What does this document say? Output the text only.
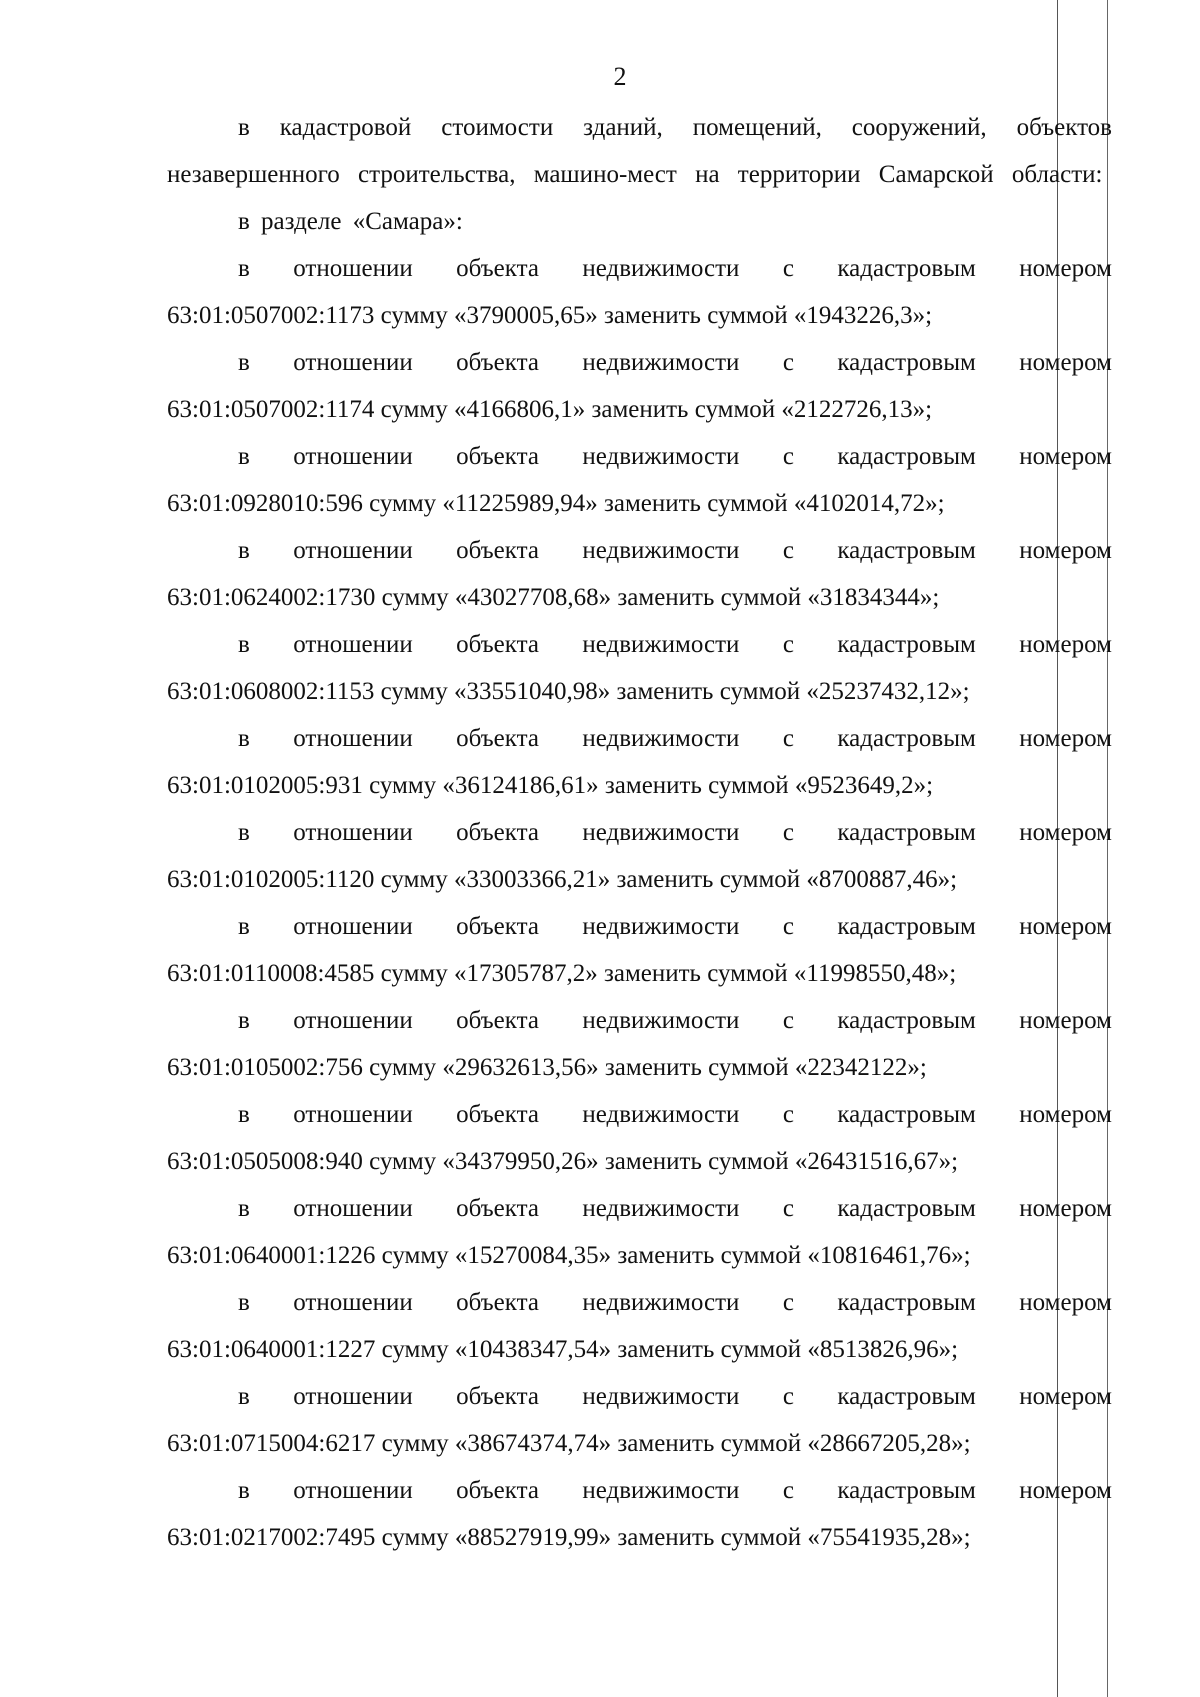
2

в кадастровой стоимости зданий, помещений, сооружений, объектов незавершенного строительства, машино-мест на территории Самарской области:

в разделе «Самара»:

в отношении объекта недвижимости с кадастровым номером
63:01:0507002:1173 сумму «3790005,65» заменить суммой «1943226,3»;
в отношении объекта недвижимости с кадастровым номером
63:01:0507002:1174 сумму «4166806,1» заменить суммой «2122726,13»;
в отношении объекта недвижимости с кадастровым номером
63:01:0928010:596 сумму «11225989,94» заменить суммой «4102014,72»;
в отношении объекта недвижимости с кадастровым номером
63:01:0624002:1730 сумму «43027708,68» заменить суммой «31834344»;
в отношении объекта недвижимости с кадастровым номером
63:01:0608002:1153 сумму «33551040,98» заменить суммой «25237432,12»;
в отношении объекта недвижимости с кадастровым номером
63:01:0102005:931 сумму «36124186,61» заменить суммой «9523649,2»;
в отношении объекта недвижимости с кадастровым номером
63:01:0102005:1120 сумму «33003366,21» заменить суммой «8700887,46»;
в отношении объекта недвижимости с кадастровым номером
63:01:0110008:4585 сумму «17305787,2» заменить суммой «11998550,48»;
в отношении объекта недвижимости с кадастровым номером
63:01:0105002:756 сумму «29632613,56» заменить суммой «22342122»;
в отношении объекта недвижимости с кадастровым номером
63:01:0505008:940 сумму «34379950,26» заменить суммой «26431516,67»;
в отношении объекта недвижимости с кадастровым номером
63:01:0640001:1226 сумму «15270084,35» заменить суммой «10816461,76»;
в отношении объекта недвижимости с кадастровым номером
63:01:0640001:1227 сумму «10438347,54» заменить суммой «8513826,96»;
в отношении объекта недвижимости с кадастровым номером
63:01:0715004:6217 сумму «38674374,74» заменить суммой «28667205,28»;
в отношении объекта недвижимости с кадастровым номером
63:01:0217002:7495 сумму «88527919,99» заменить суммой «75541935,28»;
